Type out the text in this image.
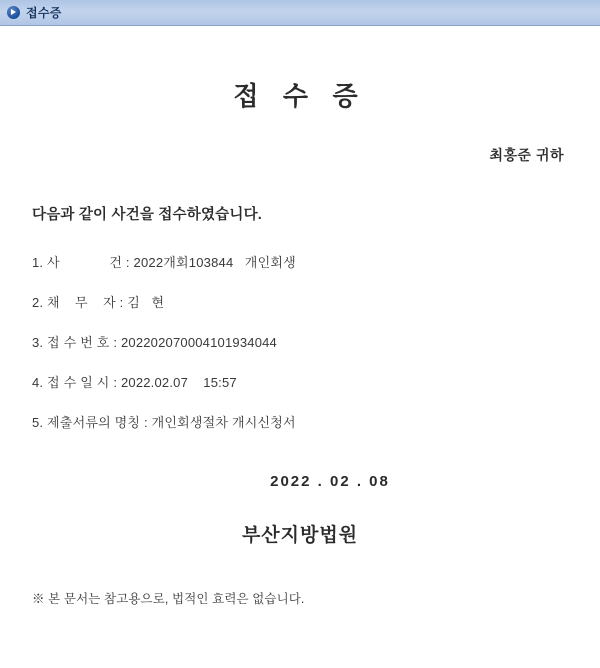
접수증
접 수 증
최홍준 귀하
다음과 같이 사건을 접수하였습니다.
1. 사             건 : 2022개회103844   개인회생
2. 채    무    자 : 김   현
3. 접 수 번 호 : 202202070004101934044
4. 접 수 일 시 : 2022.02.07    15:57
5. 제출서류의 명칭 : 개인회생절차 개시신청서
2022 . 02 . 08
부산지방법원
※ 본 문서는 참고용으로, 법적인 효력은 없습니다.
